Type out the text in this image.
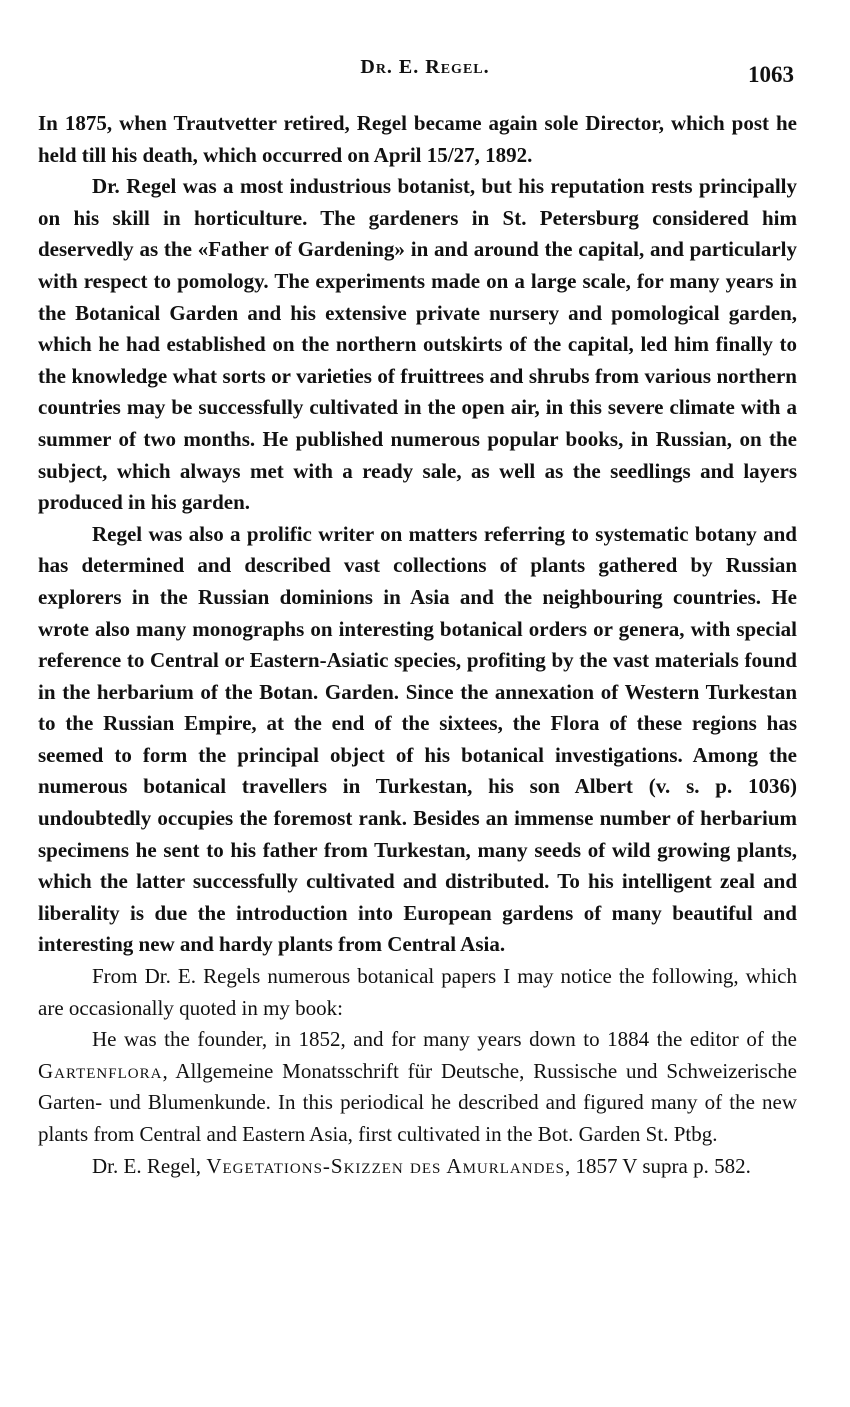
Dr. E. Regel.	1063

In 1875, when Trautvetter retired, Regel became again sole Director, which post he held till his death, which occurred on April 15/27, 1892.

Dr. Regel was a most industrious botanist, but his reputation rests principally on his skill in horticulture. The gardeners in St. Petersburg considered him deservedly as the «Father of Gardening» in and around the capital, and particularly with respect to pomology. The experiments made on a large scale, for many years in the Botanical Garden and his extensive private nursery and pomological garden, which he had established on the northern outskirts of the capital, led him finally to the knowledge what sorts or varieties of fruittrees and shrubs from various northern countries may be successfully cultivated in the open air, in this severe climate with a summer of two months. He published numerous popular books, in Russian, on the subject, which always met with a ready sale, as well as the seedlings and layers produced in his garden.

Regel was also a prolific writer on matters referring to systematic botany and has determined and described vast collections of plants gathered by Russian explorers in the Russian dominions in Asia and the neighbouring countries. He wrote also many monographs on interesting botanical orders or genera, with special reference to Central or Eastern-Asiatic species, profiting by the vast materials found in the herbarium of the Botan. Garden. Since the annexation of Western Turkestan to the Russian Empire, at the end of the sixtees, the Flora of these regions has seemed to form the principal object of his botanical investigations. Among the numerous botanical travellers in Turkestan, his son Albert (v. s. p. 1036) undoubtedly occupies the foremost rank. Besides an immense number of herbarium specimens he sent to his father from Turkestan, many seeds of wild growing plants, which the latter successfully cultivated and distributed. To his intelligent zeal and liberality is due the introduction into European gardens of many beautiful and interesting new and hardy plants from Central Asia.

From Dr. E. Regels numerous botanical papers I may notice the following, which are occasionally quoted in my book:

He was the founder, in 1852, and for many years down to 1884 the editor of the Gartenflora, Allgemeine Monatsschrift für Deutsche, Russische und Schweizerische Garten- und Blumenkunde. In this periodical he described and figured many of the new plants from Central and Eastern Asia, first cultivated in the Bot. Garden St. Ptbg.

Dr. E. Regel, Vegetations-Skizzen des Amurlandes, 1857 V supra p. 582.
